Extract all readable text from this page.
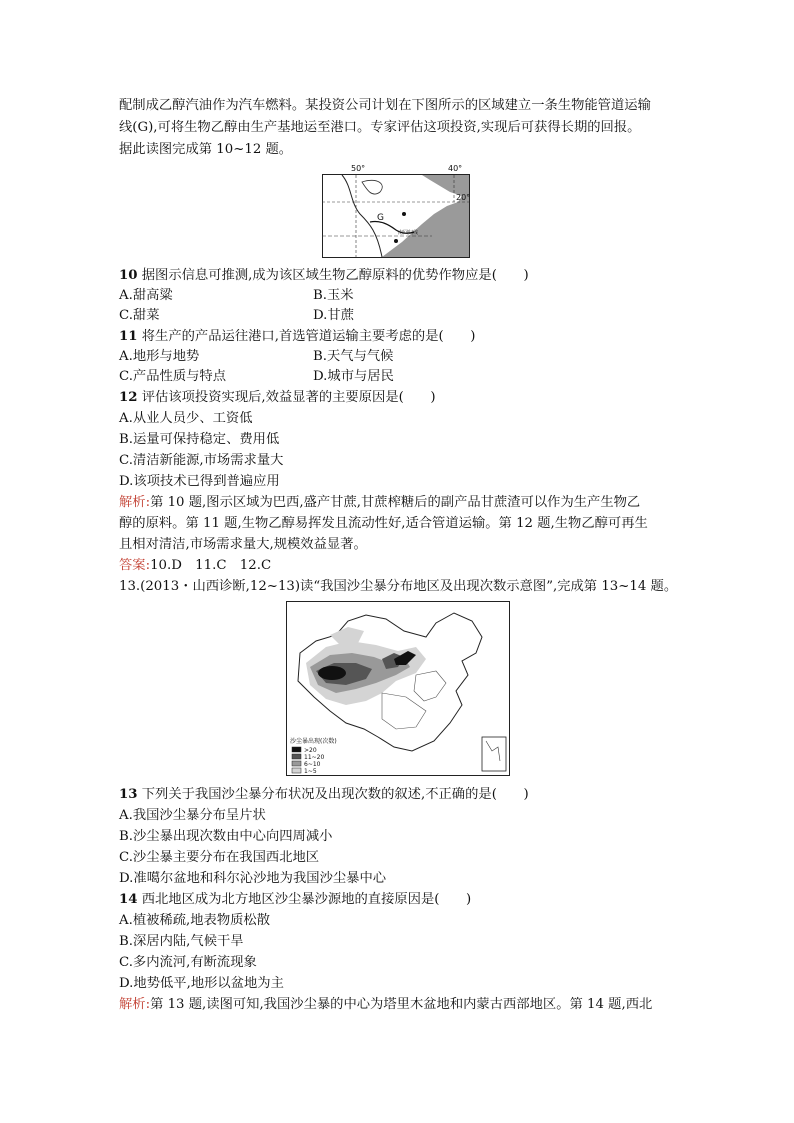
配制成乙醇汽油作为汽车燃料。某投资公司计划在下图所示的区域建立一条生物能管道运输
线(G),可将生物乙醇由生产基地运至港口。专家评估这项投资,实现后可获得长期的回报。
据此读图完成第 10~12 题。
50°	40°
20°
G
南回归线
10 据图示信息可推测,成为该区域生物乙醇原料的优势作物应是(　　)
A.甜高粱	B.玉米
C.甜菜	D.甘蔗
11 将生产的产品运往港口,首选管道运输主要考虑的是(　　)
A.地形与地势	B.天气与气候
C.产品性质与特点	D.城市与居民
12 评估该项投资实现后,效益显著的主要原因是(　　)
A.从业人员少、工资低
B.运量可保持稳定、费用低
C.清洁新能源,市场需求量大
D.该项技术已得到普遍应用
解析:第 10 题,图示区域为巴西,盛产甘蔗,甘蔗榨糖后的副产品甘蔗渣可以作为生产生物乙
醇的原料。第 11 题,生物乙醇易挥发且流动性好,适合管道运输。第 12 题,生物乙醇可再生
且相对清洁,市场需求量大,规模效益显著。
答案:10.D　11.C　12.C
13.(2013・山西诊断,12~13)读“我国沙尘暴分布地区及出现次数示意图”,完成第 13~14 题。
沙尘暴出现(次数)
>20
11~20
6~10
1~5
13 下列关于我国沙尘暴分布状况及出现次数的叙述,不正确的是(　　)
A.我国沙尘暴分布呈片状
B.沙尘暴出现次数由中心向四周减小
C.沙尘暴主要分布在我国西北地区
D.准噶尔盆地和科尔沁沙地为我国沙尘暴中心
14 西北地区成为北方地区沙尘暴沙源地的直接原因是(　　)
A.植被稀疏,地表物质松散
B.深居内陆,气候干旱
C.多内流河,有断流现象
D.地势低平,地形以盆地为主
解析:第 13 题,读图可知,我国沙尘暴的中心为塔里木盆地和内蒙古西部地区。第 14 题,西北
